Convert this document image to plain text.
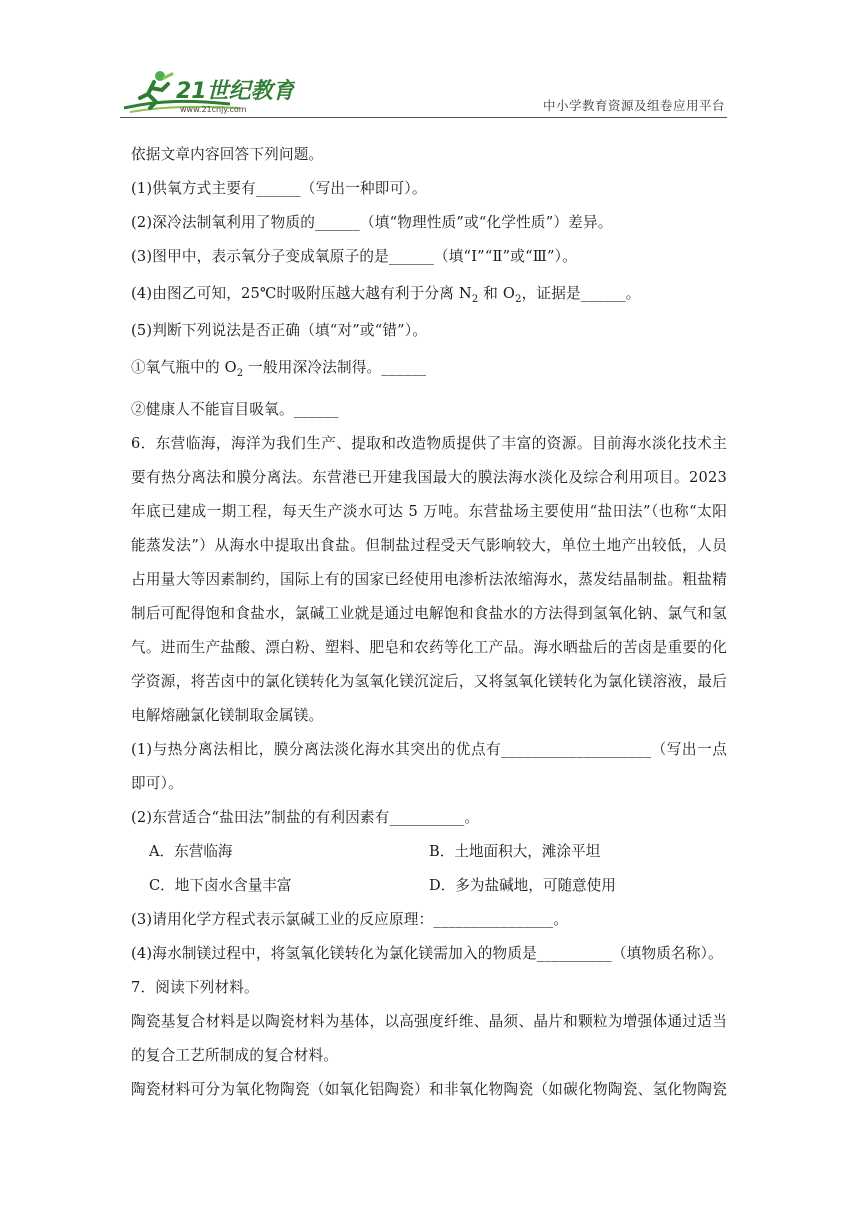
21世纪教育
www.21cnjy.com	中小学教育资源及组卷应用平台
依据文章内容回答下列问题。
(1)供氧方式主要有______（写出一种即可）。
(2)深冷法制氧利用了物质的______（填“物理性质”或“化学性质”）差异。
(3)图甲中，表示氧分子变成氧原子的是______（填“Ⅰ”“Ⅱ”或“Ⅲ”）。
(4)由图乙可知，25℃时吸附压越大越有利于分离 $N_2$ 和 $O_2$，证据是______。
(5)判断下列说法是否正确（填“对”或“错”）。
①氧气瓶中的 $O_2$ 一般用深冷法制得。______
②健康人不能盲目吸氧。______
6．东营临海，海洋为我们生产、提取和改造物质提供了丰富的资源。目前海水淡化技术主
要有热分离法和膜分离法。东营港已开建我国最大的膜法海水淡化及综合利用项目。2023
年底已建成一期工程，每天生产淡水可达 5 万吨。东营盐场主要使用“盐田法”（也称“太阳
能蒸发法”）从海水中提取出食盐。但制盐过程受天气影响较大，单位土地产出较低，人员
占用量大等因素制约，国际上有的国家已经使用电渗析法浓缩海水，蒸发结晶制盐。粗盐精
制后可配得饱和食盐水，氯碱工业就是通过电解饱和食盐水的方法得到氢氧化钠、氯气和氢
气。进而生产盐酸、漂白粉、塑料、肥皂和农药等化工产品。海水晒盐后的苦卤是重要的化
学资源，将苦卤中的氯化镁转化为氢氧化镁沉淀后，又将氢氧化镁转化为氯化镁溶液，最后
电解熔融氯化镁制取金属镁。
(1)与热分离法相比，膜分离法淡化海水其突出的优点有____________________（写出一点
即可）。
(2)东营适合“盐田法”制盐的有利因素有__________。
A．东营临海	B．土地面积大，滩涂平坦
C．地下卤水含量丰富	D．多为盐碱地，可随意使用
(3)请用化学方程式表示氯碱工业的反应原理：________________。
(4)海水制镁过程中，将氢氧化镁转化为氯化镁需加入的物质是__________（填物质名称）。
7．阅读下列材料。
陶瓷基复合材料是以陶瓷材料为基体，以高强度纤维、晶须、晶片和颗粒为增强体通过适当
的复合工艺所制成的复合材料。
陶瓷材料可分为氧化物陶瓷（如氧化铝陶瓷）和非氧化物陶瓷（如碳化物陶瓷、氢化物陶瓷
